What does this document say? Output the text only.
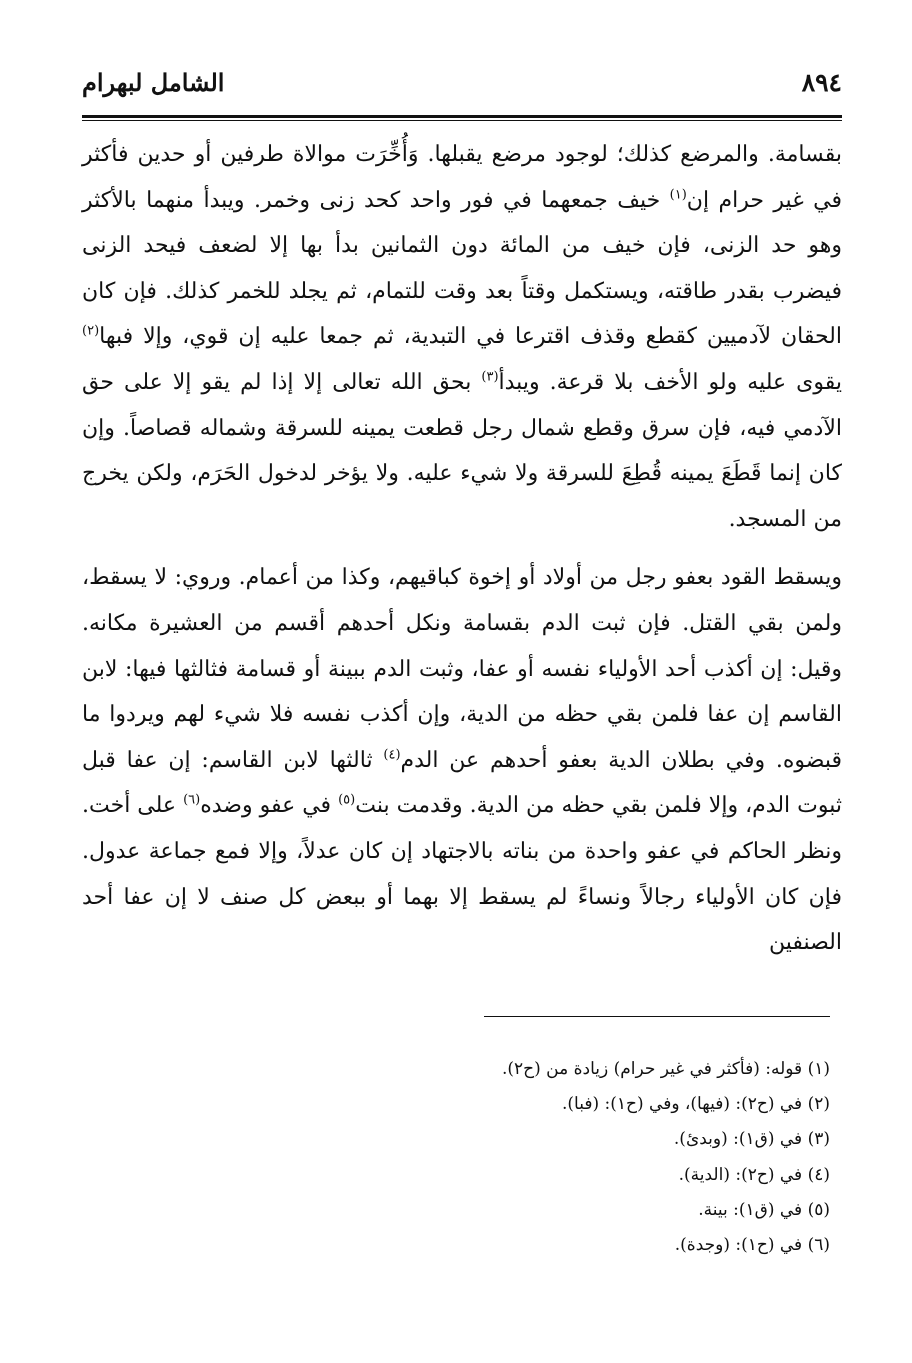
٨٩٤
الشامل لبهرام

بقسامة. والمرضع كذلك؛ لوجود مرضع يقبلها. وَأُخِّرَت موالاة طرفين أو حدين فأكثر في غير حرام إن$^{(١)}$ خيف جمعهما في فور واحد كحد زنى وخمر. ويبدأ منهما بالأكثر وهو حد الزنى، فإن خيف من المائة دون الثمانين بدأ بها إلا لضعف فيحد الزنى فيضرب بقدر طاقته، ويستكمل وقتاً بعد وقت للتمام، ثم يجلد للخمر كذلك. فإن كان الحقان لآدميين كقطع وقذف اقترعا في التبدية، ثم جمعا عليه إن قوي، وإلا فبها$^{(٢)}$ يقوى عليه ولو الأخف بلا قرعة. ويبدأ$^{(٣)}$ بحق الله تعالى إلا إذا لم يقو إلا على حق الآدمي فيه، فإن سرق وقطع شمال رجل قطعت يمينه للسرقة وشماله قصاصاً. وإن كان إنما قَطَعَ يمينه قُطِعَ للسرقة ولا شيء عليه. ولا يؤخر لدخول الحَرَم، ولكن يخرج من المسجد.

ويسقط القود بعفو رجل من أولاد أو إخوة كباقيهم، وكذا من أعمام. وروي: لا يسقط، ولمن بقي القتل. فإن ثبت الدم بقسامة ونكل أحدهم أقسم من العشيرة مكانه. وقيل: إن أكذب أحد الأولياء نفسه أو عفا، وثبت الدم ببينة أو قسامة فثالثها فيها: لابن القاسم إن عفا فلمن بقي حظه من الدية، وإن أكذب نفسه فلا شيء لهم ويردوا ما قبضوه. وفي بطلان الدية بعفو أحدهم عن الدم$^{(٤)}$ ثالثها لابن القاسم: إن عفا قبل ثبوت الدم، وإلا فلمن بقي حظه من الدية. وقدمت بنت$^{(٥)}$ في عفو وضده$^{(٦)}$ على أخت. ونظر الحاكم في عفو واحدة من بناته بالاجتهاد إن كان عدلاً، وإلا فمع جماعة عدول. فإن كان الأولياء رجالاً ونساءً لم يسقط إلا بهما أو ببعض كل صنف لا إن عفا أحد الصنفين

(١) قوله: (فأكثر في غير حرام) زيادة من (ح٢).
(٢) في (ح٢): (فيها)، وفي (ح١): (فبا).
(٣) في (ق١): (وبدئ).
(٤) في (ح٢): (الدية).
(٥) في (ق١): بينة.
(٦) في (ح١): (وجدة).
